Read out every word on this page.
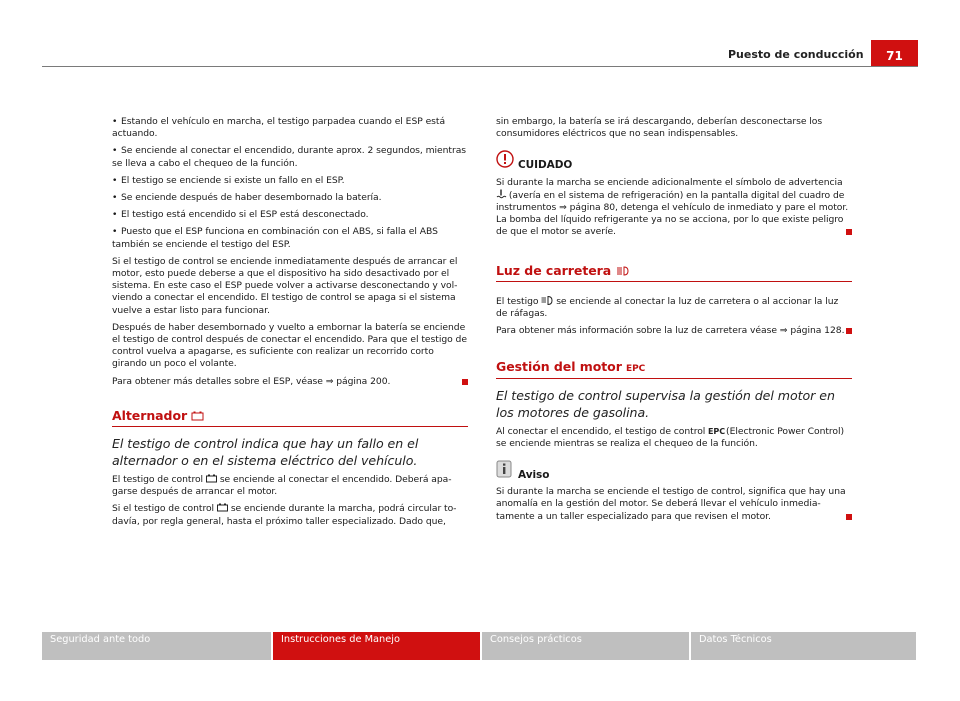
Puesto de conducción	71

• Estando el vehículo en marcha, el testigo parpadea cuando el ESP está actuando.

• Se enciende al conectar el encendido, durante aprox. 2 segundos, mientras se lleva a cabo el chequeo de la función.

• El testigo se enciende si existe un fallo en el ESP.

• Se enciende después de haber desembornado la batería.

• El testigo está encendido si el ESP está desconectado.

• Puesto que el ESP funciona en combinación con el ABS, si falla el ABS también se enciende el testigo del ESP.

Si el testigo de control se enciende inmediatamente después de arrancar el motor, esto puede deberse a que el dispositivo ha sido desactivado por el sistema. En este caso el ESP puede volver a activarse desconectando y volviendo a conectar el encendido. El testigo de control se apaga si el sistema vuelve a estar listo para funcionar.

Después de haber desembornado y vuelto a embornar la batería se enciende el testigo de control después de conectar el encendido. Para que el testigo de control vuelva a apagarse, es suficiente con realizar un recorrido corto girando un poco el volante.

Para obtener más detalles sobre el ESP, véase ⇒ página 200.

Alternador

El testigo de control indica que hay un fallo en el alternador o en el sistema eléctrico del vehículo.

El testigo de control se enciende al conectar el encendido. Deberá apagarse después de arrancar el motor.

Si el testigo de control se enciende durante la marcha, podrá circular todavía, por regla general, hasta el próximo taller especializado. Dado que,

sin embargo, la batería se irá descargando, deberían desconectarse los consumidores eléctricos que no sean indispensables.

CUIDADO

Si durante la marcha se enciende adicionalmente el símbolo de advertencia  (avería en el sistema de refrigeración) en la pantalla digital del cuadro de instrumentos ⇒ página 80, detenga el vehículo de inmediato y pare el motor. La bomba del líquido refrigerante ya no se acciona, por lo que existe peligro de que el motor se averíe.

Luz de carretera

El testigo se enciende al conectar la luz de carretera o al accionar la luz de ráfagas.

Para obtener más información sobre la luz de carretera véase ⇒ página 128.

Gestión del motor EPC

El testigo de control supervisa la gestión del motor en los motores de gasolina.

Al conectar el encendido, el testigo de control EPC (Electronic Power Control) se enciende mientras se realiza el chequeo de la función.

Aviso

Si durante la marcha se enciende el testigo de control, significa que hay una anomalía en la gestión del motor. Se deberá llevar el vehículo inmediatamente a un taller especializado para que revisen el motor.

Seguridad ante todo	Instrucciones de Manejo	Consejos prácticos	Datos Técnicos
